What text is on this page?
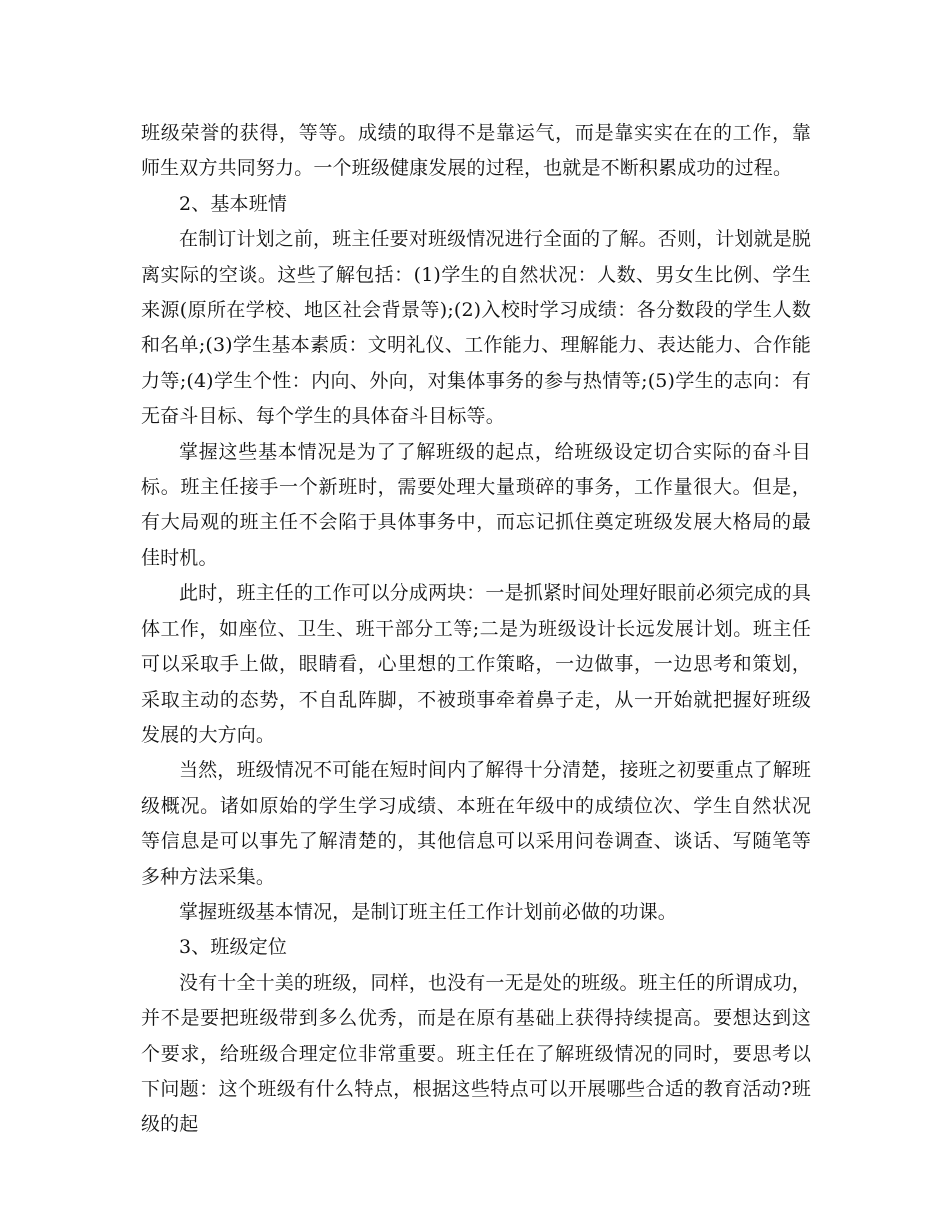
班级荣誉的获得，等等。成绩的取得不是靠运气，而是靠实实在在的工作，靠师生双方共同努力。一个班级健康发展的过程，也就是不断积累成功的过程。

2、基本班情

在制订计划之前，班主任要对班级情况进行全面的了解。否则，计划就是脱离实际的空谈。这些了解包括：(1)学生的自然状况：人数、男女生比例、学生来源(原所在学校、地区社会背景等);(2)入校时学习成绩：各分数段的学生人数和名单;(3)学生基本素质：文明礼仪、工作能力、理解能力、表达能力、合作能力等;(4)学生个性：内向、外向，对集体事务的参与热情等;(5)学生的志向：有无奋斗目标、每个学生的具体奋斗目标等。

掌握这些基本情况是为了了解班级的起点，给班级设定切合实际的奋斗目标。班主任接手一个新班时，需要处理大量琐碎的事务，工作量很大。但是，有大局观的班主任不会陷于具体事务中，而忘记抓住奠定班级发展大格局的最佳时机。

此时，班主任的工作可以分成两块：一是抓紧时间处理好眼前必须完成的具体工作，如座位、卫生、班干部分工等;二是为班级设计长远发展计划。班主任可以采取手上做，眼睛看，心里想的工作策略，一边做事，一边思考和策划，采取主动的态势，不自乱阵脚，不被琐事牵着鼻子走，从一开始就把握好班级发展的大方向。

当然，班级情况不可能在短时间内了解得十分清楚，接班之初要重点了解班级概况。诸如原始的学生学习成绩、本班在年级中的成绩位次、学生自然状况等信息是可以事先了解清楚的，其他信息可以采用问卷调查、谈话、写随笔等多种方法采集。

掌握班级基本情况，是制订班主任工作计划前必做的功课。

3、班级定位

没有十全十美的班级，同样，也没有一无是处的班级。班主任的所谓成功，并不是要把班级带到多么优秀，而是在原有基础上获得持续提高。要想达到这个要求，给班级合理定位非常重要。班主任在了解班级情况的同时，要思考以下问题：这个班级有什么特点，根据这些特点可以开展哪些合适的教育活动?班级的起
